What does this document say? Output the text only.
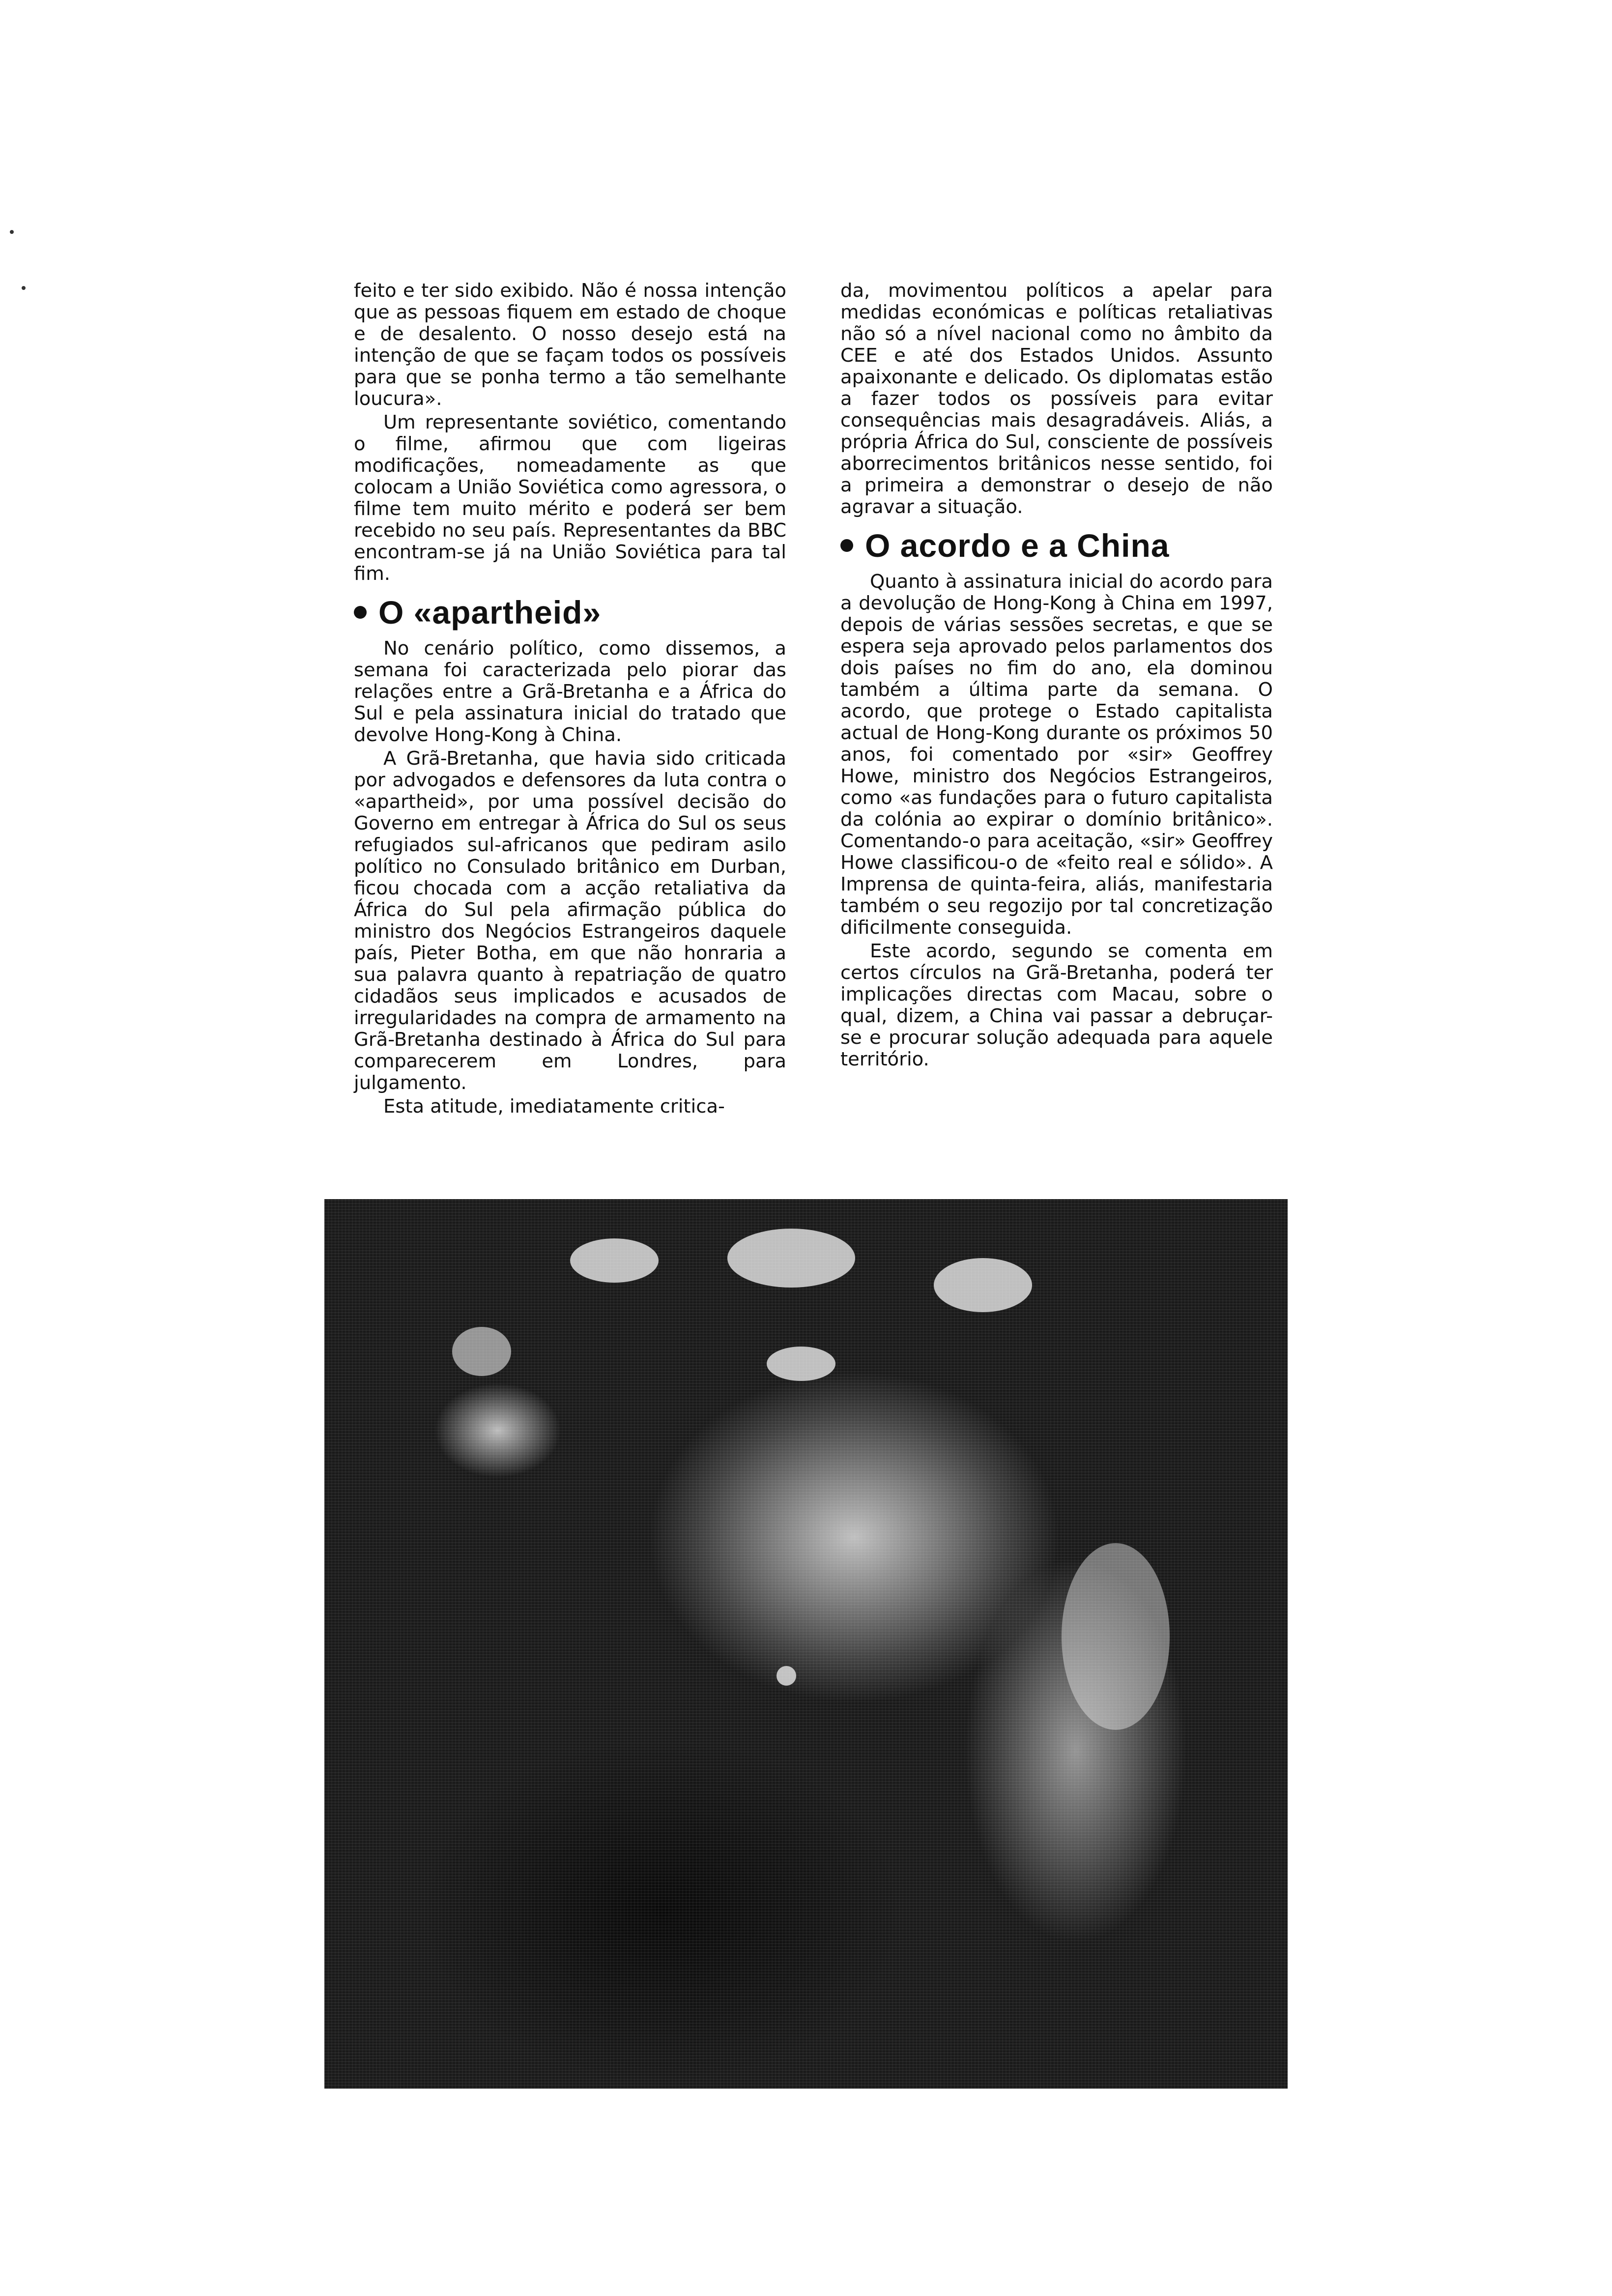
feito e ter sido exibido. Não é nossa intenção que as pessoas fiquem em estado de choque e de desalento. O nosso desejo está na intenção de que se façam todos os possíveis para que se ponha termo a tão semelhante loucura».

Um representante soviético, comentando o filme, afirmou que com ligeiras modificações, nomeadamente as que colocam a União Soviética como agressora, o filme tem muito mérito e poderá ser bem recebido no seu país. Representantes da BBC encontram-se já na União Soviética para tal fim.

O «apartheid»

No cenário político, como dissemos, a semana foi caracterizada pelo piorar das relações entre a Grã-Bretanha e a África do Sul e pela assinatura inicial do tratado que devolve Hong-Kong à China.

A Grã-Bretanha, que havia sido criticada por advogados e defensores da luta contra o «apartheid», por uma possível decisão do Governo em entregar à África do Sul os seus refugiados sul-africanos que pediram asilo político no Consulado britânico em Durban, ficou chocada com a acção retaliativa da África do Sul pela afirmação pública do ministro dos Negócios Estrangeiros daquele país, Pieter Botha, em que não honraria a sua palavra quanto à repatriação de quatro cidadãos seus implicados e acusados de irregularidades na compra de armamento na Grã-Bretanha destinado à África do Sul para comparecerem em Londres, para julgamento.

Esta atitude, imediatamente critica-

da, movimentou políticos a apelar para medidas económicas e políticas retaliativas não só a nível nacional como no âmbito da CEE e até dos Estados Unidos. Assunto apaixonante e delicado. Os diplomatas estão a fazer todos os possíveis para evitar consequências mais desagradáveis. Aliás, a própria África do Sul, consciente de possíveis aborrecimentos britânicos nesse sentido, foi a primeira a demonstrar o desejo de não agravar a situação.

O acordo e a China

Quanto à assinatura inicial do acordo para a devolução de Hong-Kong à China em 1997, depois de várias sessões secretas, e que se espera seja aprovado pelos parlamentos dos dois países no fim do ano, ela dominou também a última parte da semana. O acordo, que protege o Estado capitalista actual de Hong-Kong durante os próximos 50 anos, foi comentado por «sir» Geoffrey Howe, ministro dos Negócios Estrangeiros, como «as fundações para o futuro capitalista da colónia ao expirar o domínio britânico». Comentando-o para aceitação, «sir» Geoffrey Howe classificou-o de «feito real e sólido». A Imprensa de quinta-feira, aliás, manifestaria também o seu regozijo por tal concretização dificilmente conseguida.

Este acordo, segundo se comenta em certos círculos na Grã-Bretanha, poderá ter implicações directas com Macau, sobre o qual, dizem, a China vai passar a debruçar-se e procurar solução adequada para aquele território.
